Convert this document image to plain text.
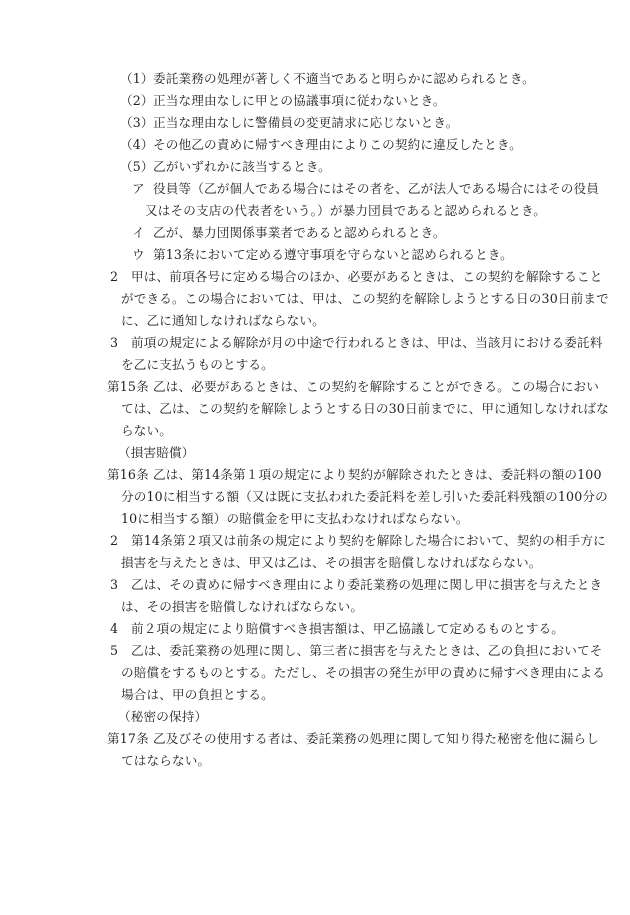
（1）委託業務の処理が著しく不適当であると明らかに認められるとき。
（2）正当な理由なしに甲との協議事項に従わないとき。
（3）正当な理由なしに警備員の変更請求に応じないとき。
（4）その他乙の責めに帰すべき理由によりこの契約に違反したとき。
（5）乙がいずれかに該当するとき。
ア 役員等（乙が個人である場合にはその者を、乙が法人である場合にはその役員
又はその支店の代表者をいう。）が暴力団員であると認められるとき。
イ 乙が、暴力団関係事業者であると認められるとき。
ウ 第13条において定める遵守事項を守らないと認められるとき。
2 甲は、前項各号に定める場合のほか、必要があるときは、この契約を解除すること
ができる。この場合においては、甲は、この契約を解除しようとする日の30日前まで
に、乙に通知しなければならない。
3 前項の規定による解除が月の中途で行われるときは、甲は、当該月における委託料
を乙に支払うものとする。
第15条 乙は、必要があるときは、この契約を解除することができる。この場合におい
ては、乙は、この契約を解除しようとする日の30日前までに、甲に通知しなければな
らない。
（損害賠償）
第16条 乙は、第14条第１項の規定により契約が解除されたときは、委託料の額の100
分の10に相当する額（又は既に支払われた委託料を差し引いた委託料残額の100分の
10に相当する額）の賠償金を甲に支払わなければならない。
2 第14条第２項又は前条の規定により契約を解除した場合において、契約の相手方に
損害を与えたときは、甲又は乙は、その損害を賠償しなければならない。
3 乙は、その責めに帰すべき理由により委託業務の処理に関し甲に損害を与えたとき
は、その損害を賠償しなければならない。
4 前２項の規定により賠償すべき損害額は、甲乙協議して定めるものとする。
5 乙は、委託業務の処理に関し、第三者に損害を与えたときは、乙の負担においてそ
の賠償をするものとする。ただし、その損害の発生が甲の責めに帰すべき理由による
場合は、甲の負担とする。
（秘密の保持）
第17条 乙及びその使用する者は、委託業務の処理に関して知り得た秘密を他に漏らし
てはならない。
